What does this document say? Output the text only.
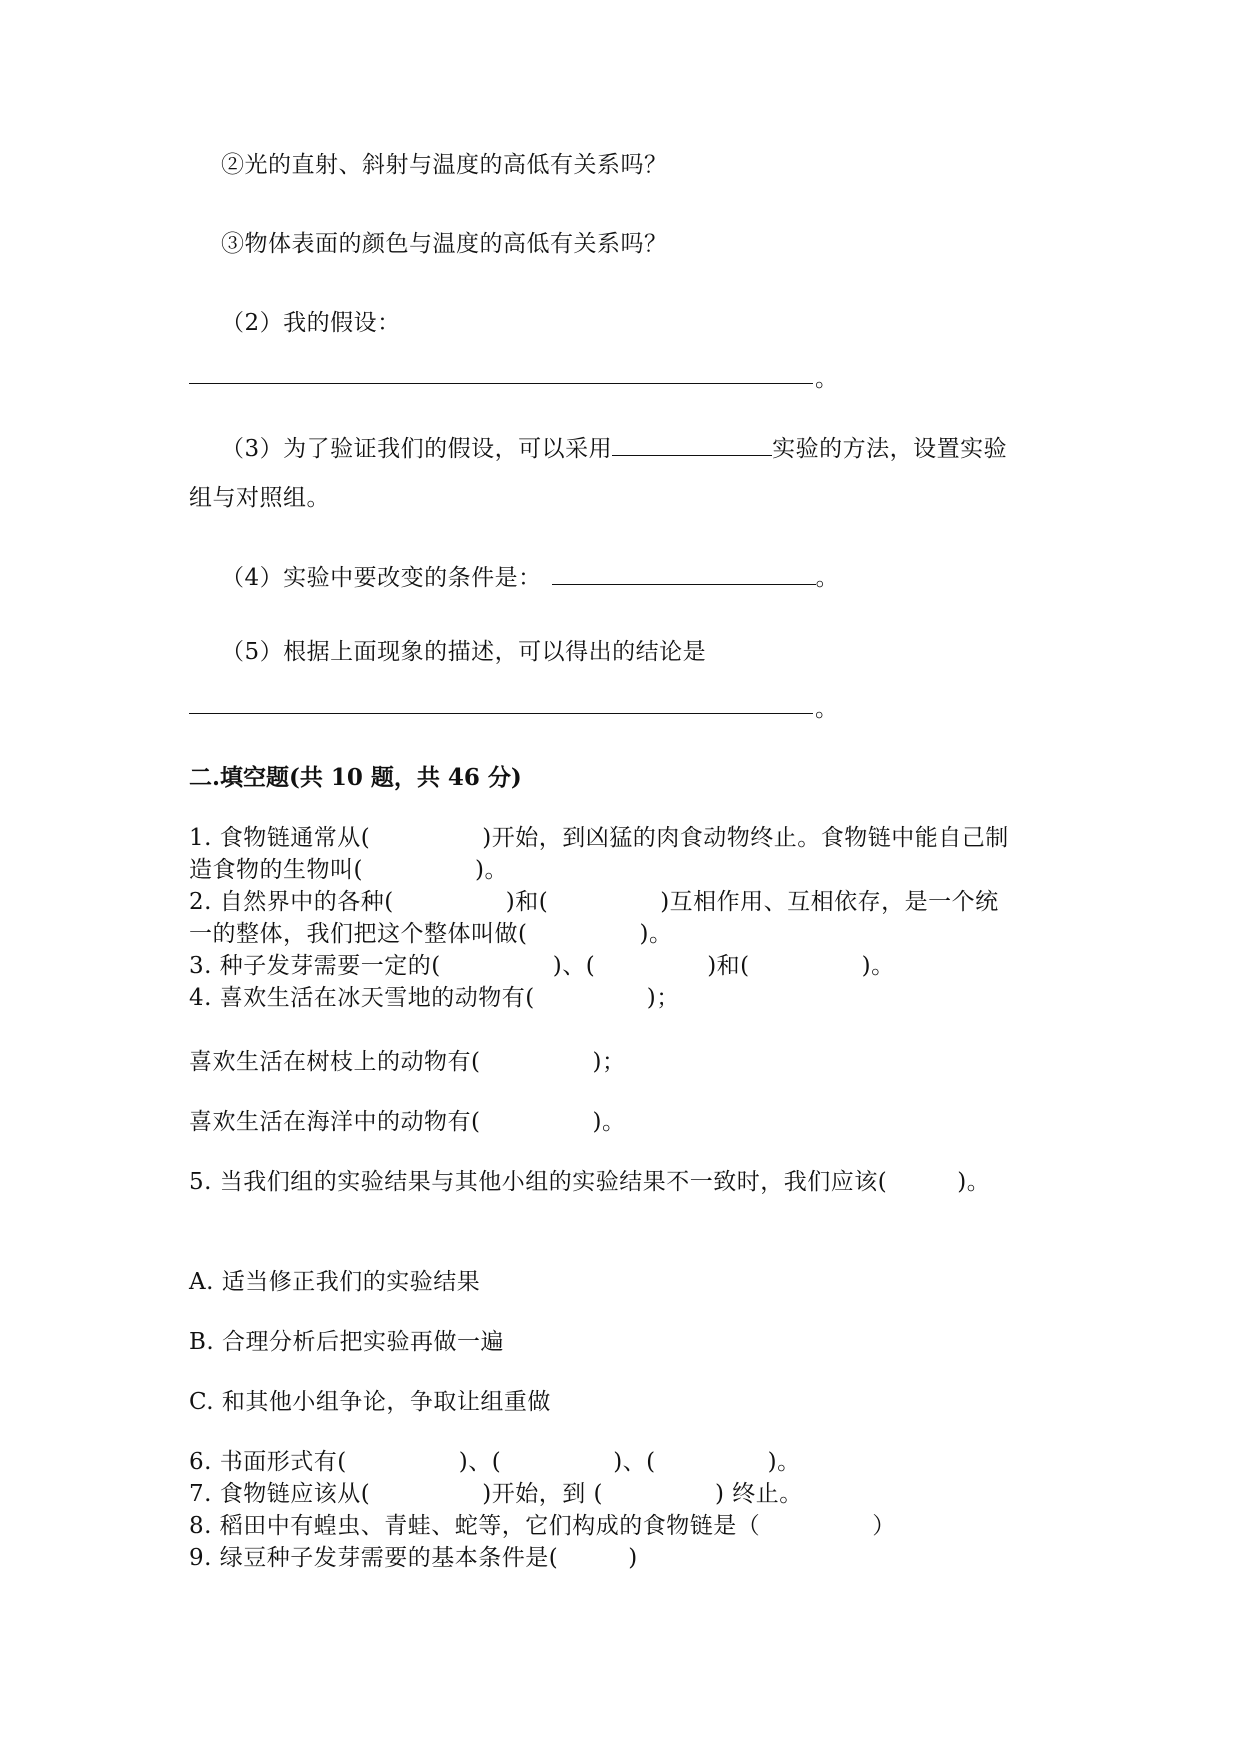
②光的直射、斜射与温度的高低有关系吗？
③物体表面的颜色与温度的高低有关系吗？
（2）我的假设：
。
（3）为了验证我们的假设，可以采用	实验的方法，设置实验
组与对照组。
（4）实验中要改变的条件是：	。
（5）根据上面现象的描述，可以得出的结论是
。
二.填空题(共 10 题，共 46 分)
1. 食物链通常从(	)开始，到凶猛的肉食动物终止。食物链中能自己制
造食物的生物叫(	)。
2. 自然界中的各种(	)和(	)互相作用、互相依存，是一个统
一的整体，我们把这个整体叫做(	)。
3. 种子发芽需要一定的(	)、(	)和(	)。
4. 喜欢生活在冰天雪地的动物有(	)；
喜欢生活在树枝上的动物有(	)；
喜欢生活在海洋中的动物有(	)。
5. 当我们组的实验结果与其他小组的实验结果不一致时，我们应该(	)。
A. 适当修正我们的实验结果
B. 合理分析后把实验再做一遍
C. 和其他小组争论，争取让组重做
6. 书面形式有(	)、(	)、(	)。
7. 食物链应该从(	)开始，到 (	) 终止。
8. 稻田中有蝗虫、青蛙、蛇等，它们构成的食物链是（	）
9. 绿豆种子发芽需要的基本条件是(	)
